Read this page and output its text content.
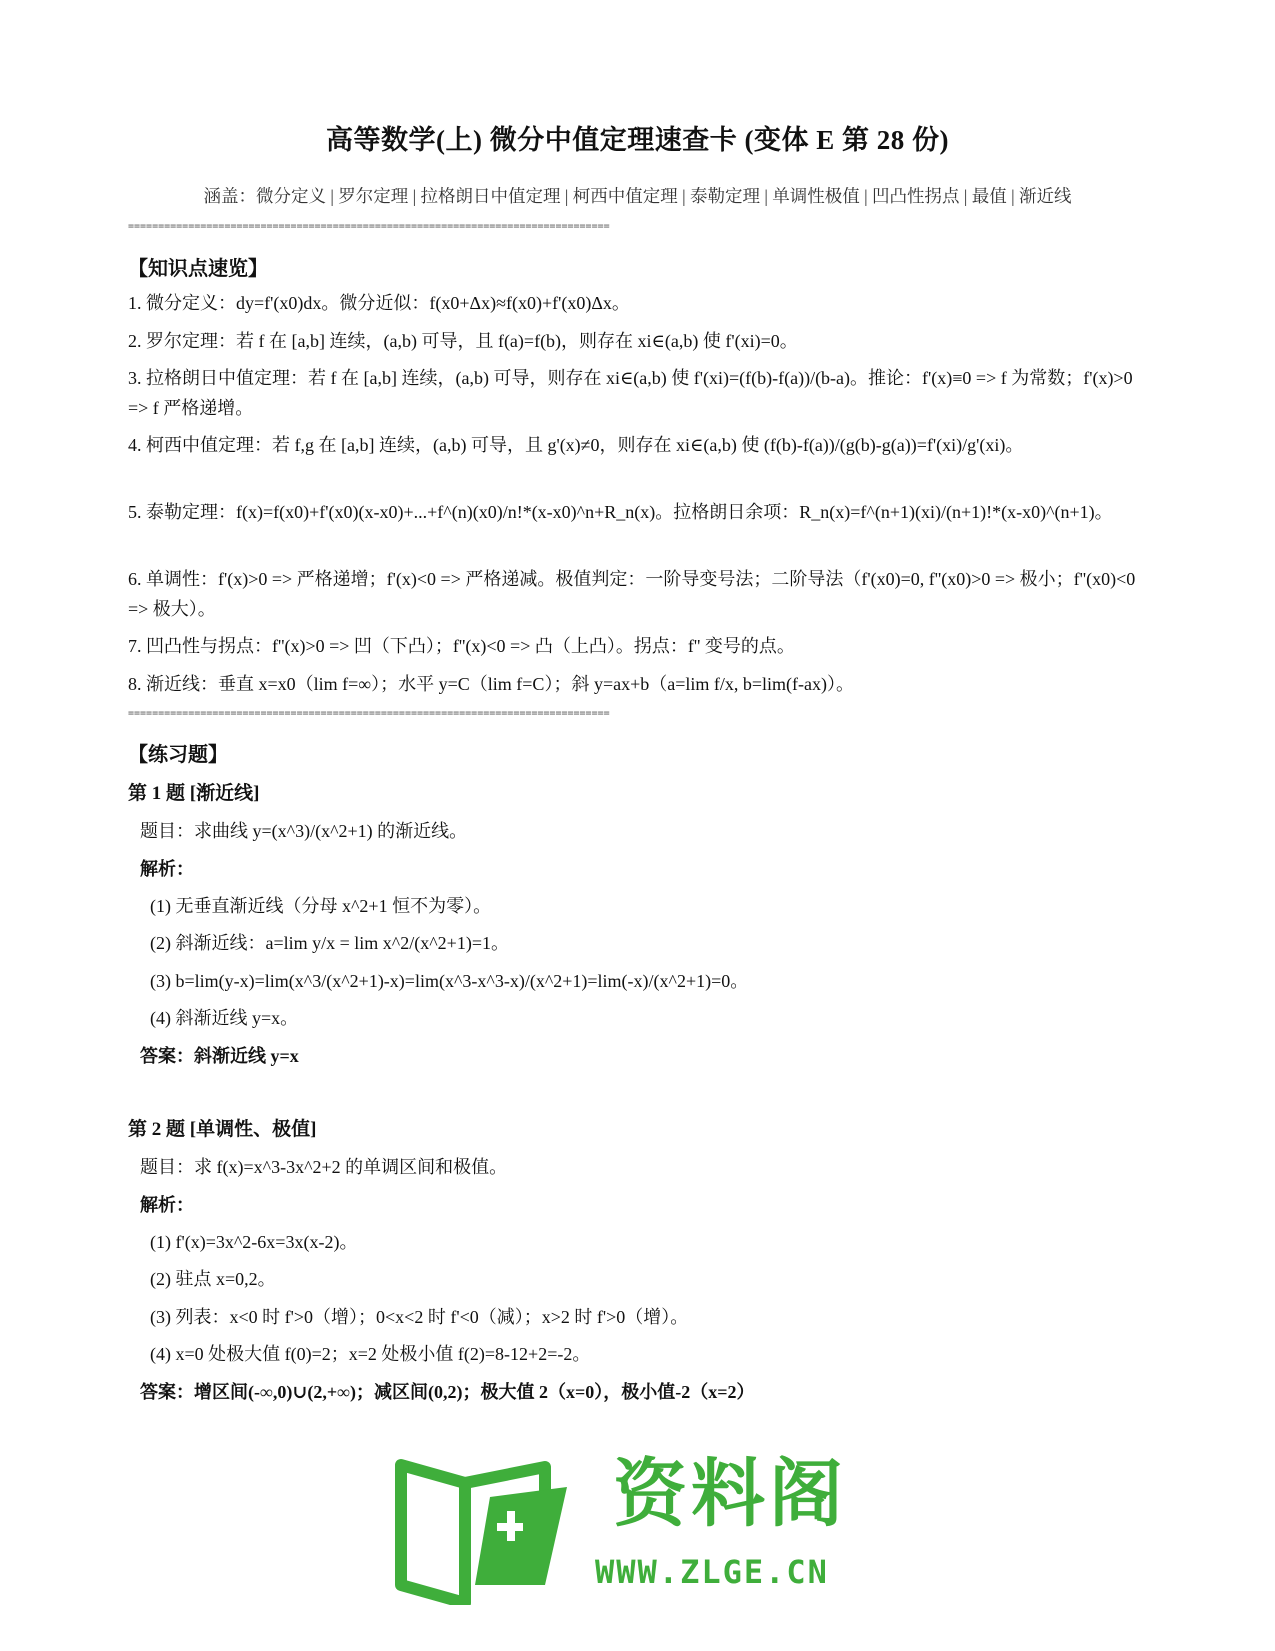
高等数学(上) 微分中值定理速查卡 (变体 E 第 28 份)
涵盖：微分定义 | 罗尔定理 | 拉格朗日中值定理 | 柯西中值定理 | 泰勒定理 | 单调性极值 | 凹凸性拐点 | 最值 | 渐近线
================================================================================
【知识点速览】
1. 微分定义：dy=f'(x0)dx。微分近似：f(x0+Δx)≈f(x0)+f'(x0)Δx。
2. 罗尔定理：若 f 在 [a,b] 连续，(a,b) 可导，且 f(a)=f(b)，则存在 xi∈(a,b) 使 f'(xi)=0。
3. 拉格朗日中值定理：若 f 在 [a,b] 连续，(a,b) 可导，则存在 xi∈(a,b) 使 f'(xi)=(f(b)-f(a))/(b-a)。推论：f'(x)≡0 => f 为常数；f'(x)>0 => f 严格递增。
4. 柯西中值定理：若 f,g 在 [a,b] 连续，(a,b) 可导，且 g'(x)≠0，则存在 xi∈(a,b) 使 (f(b)-f(a))/(g(b)-g(a))=f'(xi)/g'(xi)。
5. 泰勒定理：f(x)=f(x0)+f'(x0)(x-x0)+...+f^(n)(x0)/n!*(x-x0)^n+R_n(x)。拉格朗日余项：R_n(x)=f^(n+1)(xi)/(n+1)!*(x-x0)^(n+1)。
6. 单调性：f'(x)>0 => 严格递增；f'(x)<0 => 严格递减。极值判定：一阶导变号法；二阶导法（f'(x0)=0, f''(x0)>0 => 极小；f''(x0)<0 => 极大）。
7. 凹凸性与拐点：f''(x)>0 => 凹（下凸）；f''(x)<0 => 凸（上凸）。拐点：f'' 变号的点。
8. 渐近线：垂直 x=x0（lim f=∞）；水平 y=C（lim f=C）；斜 y=ax+b（a=lim f/x, b=lim(f-ax)）。
================================================================================
【练习题】
第 1 题 [渐近线]
题目：求曲线 y=(x^3)/(x^2+1) 的渐近线。
解析：
(1) 无垂直渐近线（分母 x^2+1 恒不为零）。
(2) 斜渐近线：a=lim y/x = lim x^2/(x^2+1)=1。
(3) b=lim(y-x)=lim(x^3/(x^2+1)-x)=lim(x^3-x^3-x)/(x^2+1)=lim(-x)/(x^2+1)=0。
(4) 斜渐近线 y=x。
答案：斜渐近线 y=x
第 2 题 [单调性、极值]
题目：求 f(x)=x^3-3x^2+2 的单调区间和极值。
解析：
(1) f'(x)=3x^2-6x=3x(x-2)。
(2) 驻点 x=0,2。
(3) 列表：x<0 时 f'>0（增）；0<x<2 时 f'<0（减）；x>2 时 f'>0（增）。
(4) x=0 处极大值 f(0)=2；x=2 处极小值 f(2)=8-12+2=-2。
答案：增区间(-∞,0)∪(2,+∞)；减区间(0,2)；极大值 2（x=0），极小值-2（x=2）
资料阁
WWW.ZLGE.CN
